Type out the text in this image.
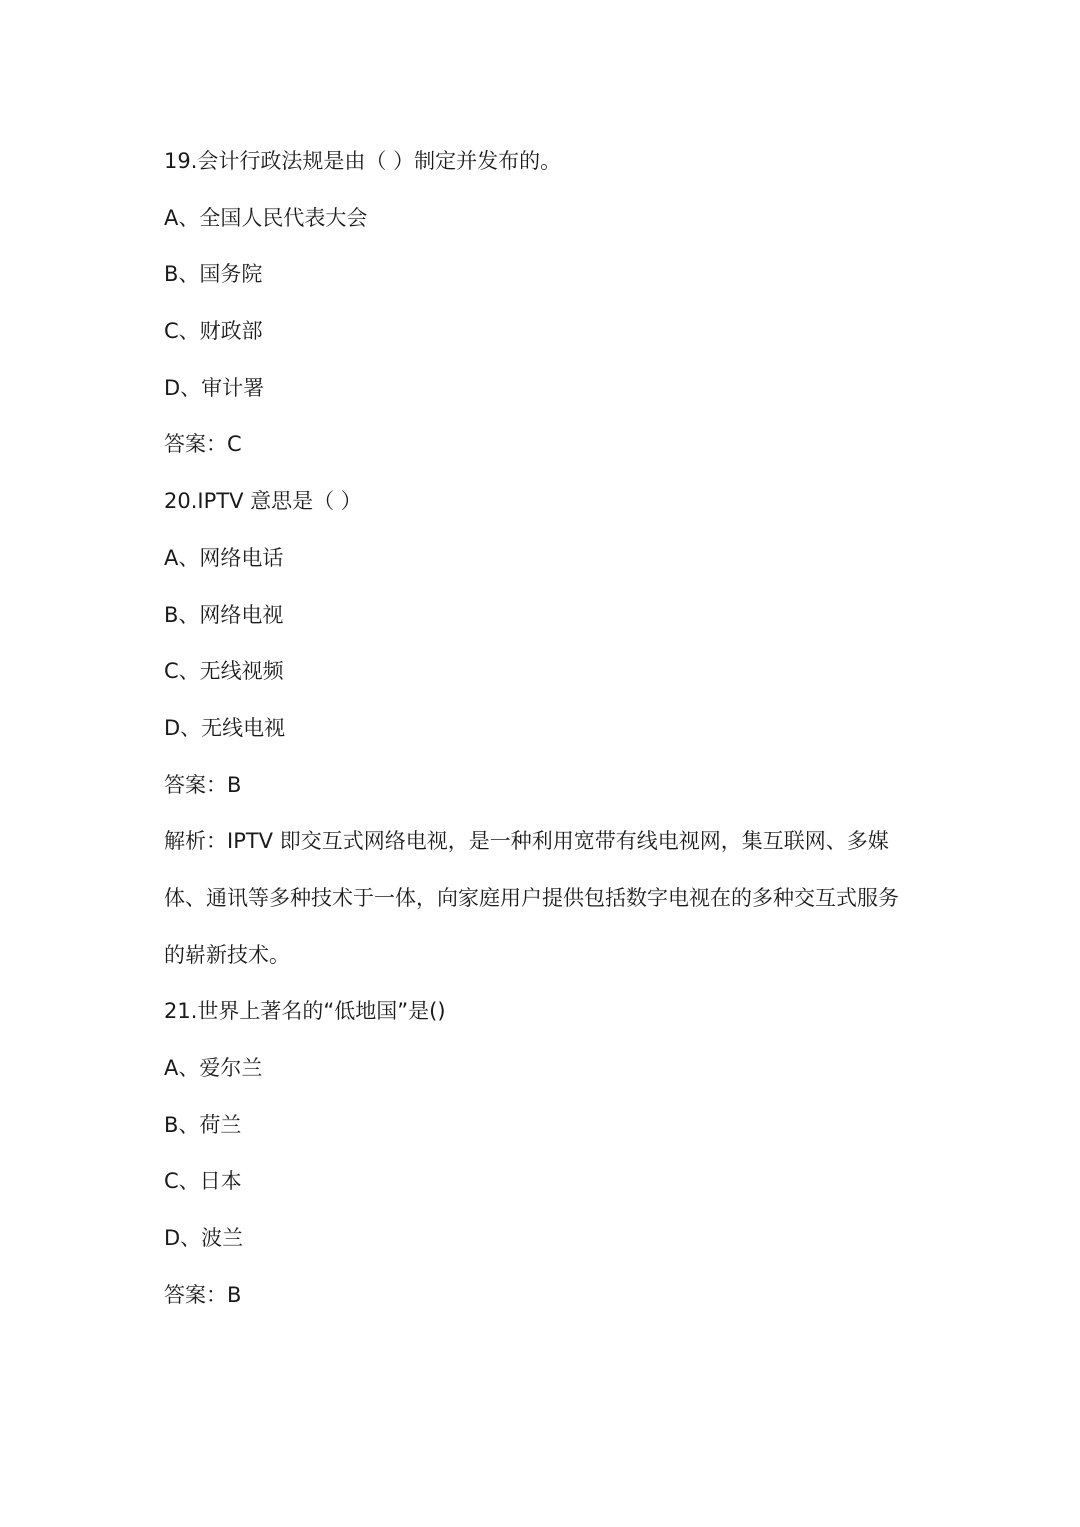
19.会计行政法规是由（ ）制定并发布的。
A、全国人民代表大会
B、国务院
C、财政部
D、审计署
答案：C
20.IPTV 意思是（ ）
A、网络电话
B、网络电视
C、无线视频
D、无线电视
答案：B
解析：IPTV 即交互式网络电视，是一种利用宽带有线电视网，集互联网、多媒体、通讯等多种技术于一体，向家庭用户提供包括数字电视在的多种交互式服务的崭新技术。
21.世界上著名的“低地国”是()
A、爱尔兰
B、荷兰
C、日本
D、波兰
答案：B
